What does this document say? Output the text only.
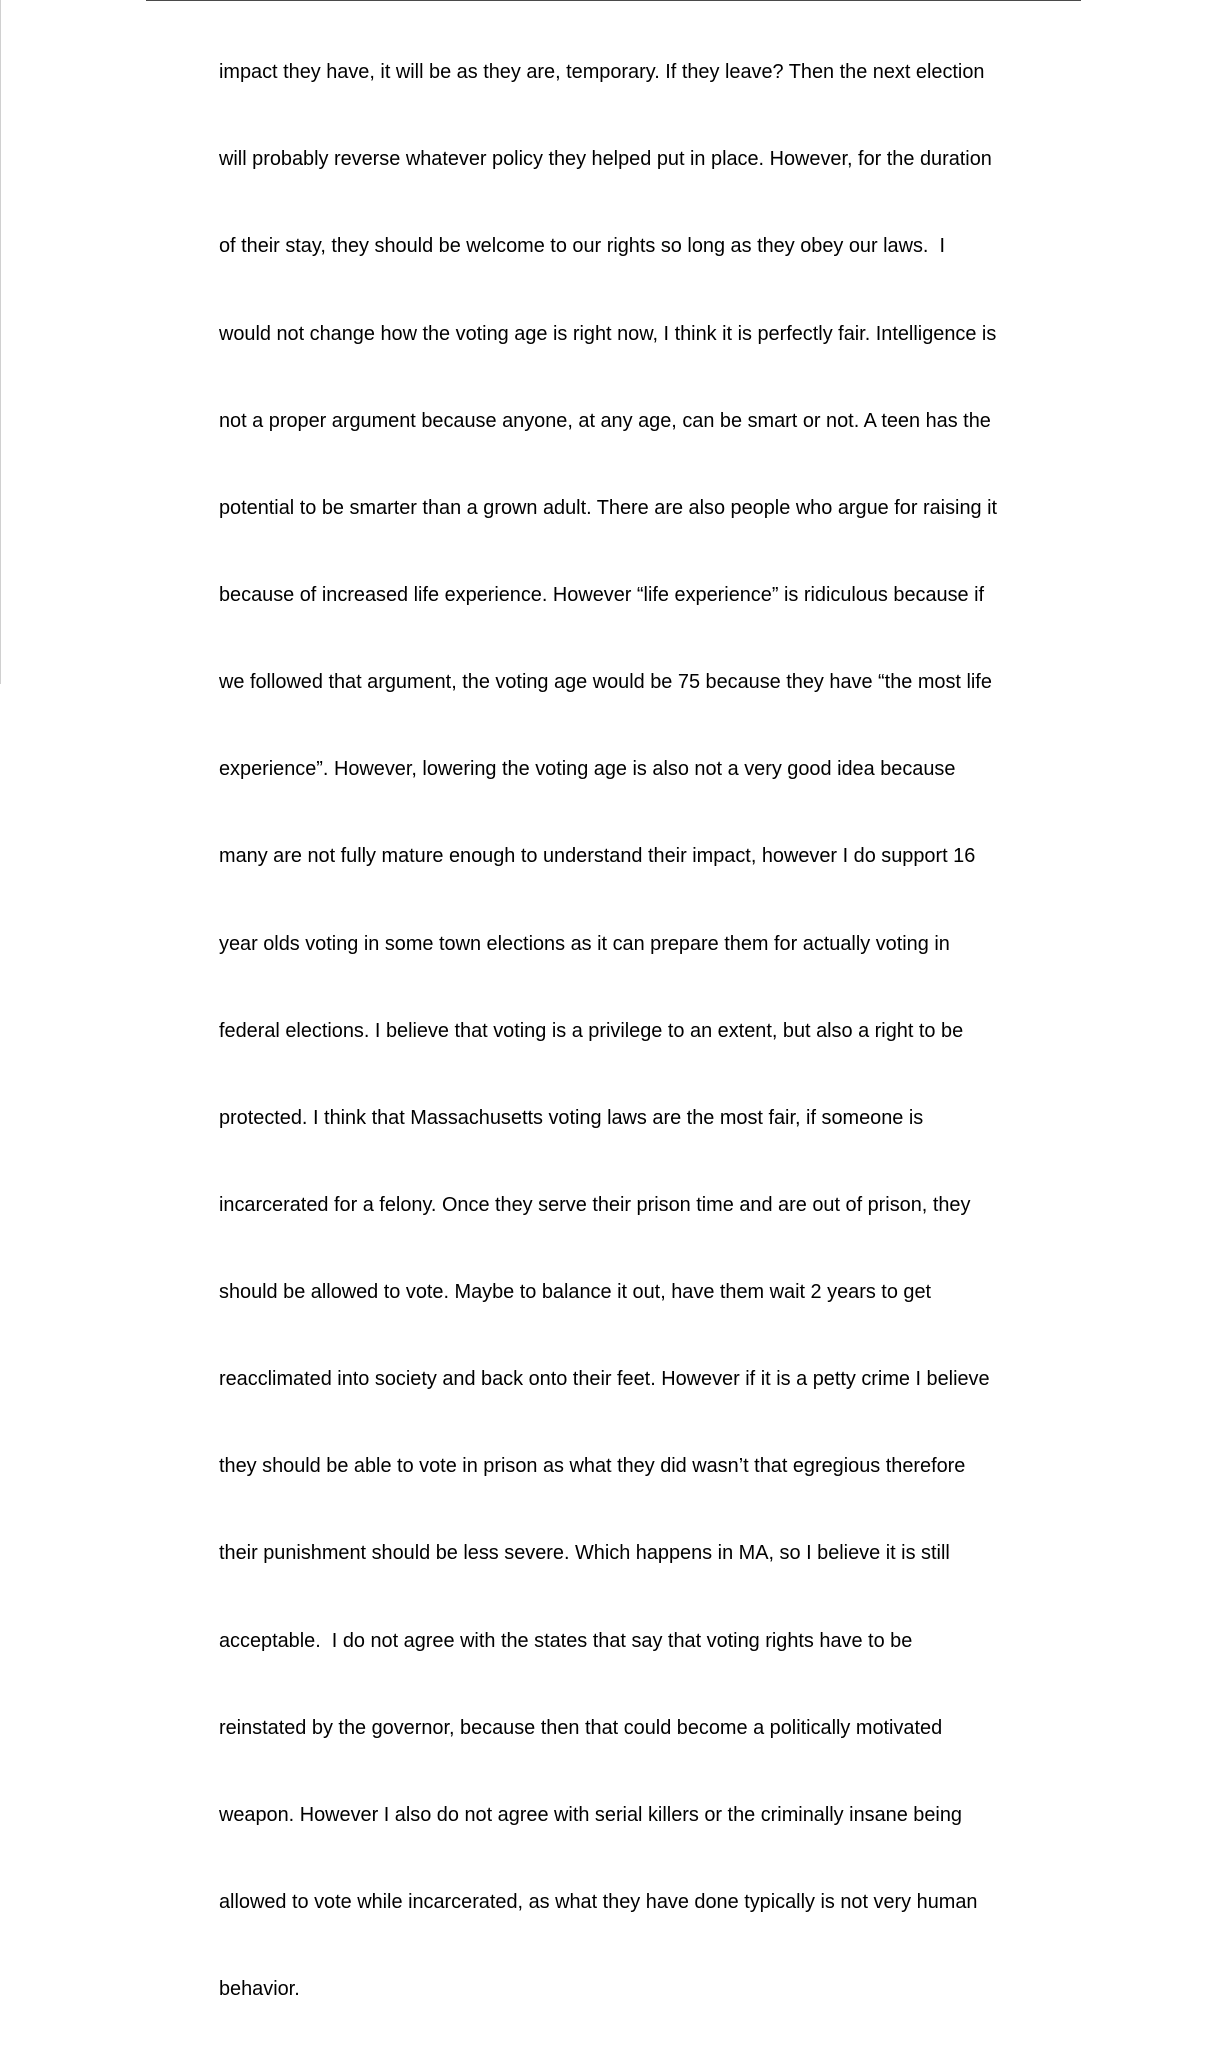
impact they have, it will be as they are, temporary. If they leave? Then the next election

will probably reverse whatever policy they helped put in place. However, for the duration

of their stay, they should be welcome to our rights so long as they obey our laws.  I

would not change how the voting age is right now, I think it is perfectly fair. Intelligence is

not a proper argument because anyone, at any age, can be smart or not. A teen has the

potential to be smarter than a grown adult. There are also people who argue for raising it

because of increased life experience. However “life experience” is ridiculous because if

we followed that argument, the voting age would be 75 because they have “the most life

experience”. However, lowering the voting age is also not a very good idea because

many are not fully mature enough to understand their impact, however I do support 16

year olds voting in some town elections as it can prepare them for actually voting in

federal elections. I believe that voting is a privilege to an extent, but also a right to be

protected. I think that Massachusetts voting laws are the most fair, if someone is

incarcerated for a felony. Once they serve their prison time and are out of prison, they

should be allowed to vote. Maybe to balance it out, have them wait 2 years to get

reacclimated into society and back onto their feet. However if it is a petty crime I believe

they should be able to vote in prison as what they did wasn’t that egregious therefore

their punishment should be less severe. Which happens in MA, so I believe it is still

acceptable.  I do not agree with the states that say that voting rights have to be

reinstated by the governor, because then that could become a politically motivated

weapon. However I also do not agree with serial killers or the criminally insane being

allowed to vote while incarcerated, as what they have done typically is not very human

behavior.
